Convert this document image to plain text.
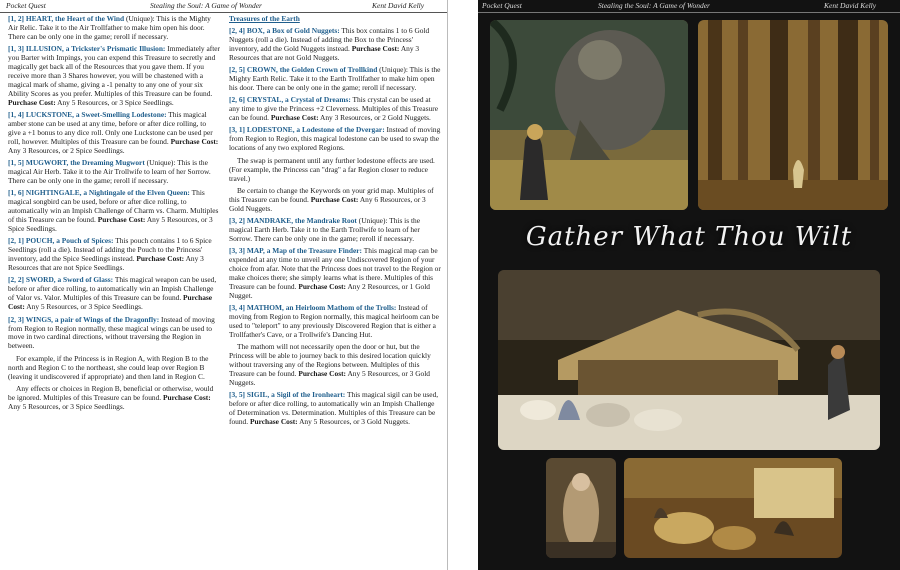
Pocket Quest	Stealing the Soul: A Game of Wonder	Kent David Kelly

[1, 2] HEART, the Heart of the Wind (Unique): This is the Mighty Air Relic. Take it to the Air Trollfather to make him open his door. There can be only one in the game; reroll if necessary.

[1, 3] ILLUSION, a Trickster's Prismatic Illusion: Immediately after you Barter with Impings, you can expend this Treasure to secretly and magically get back all of the Resources that you gave them. If you receive more than 3 Shares however, you will be chastened with a magical mark of shame, giving a -1 penalty to any one of your six Ability Scores as you prefer. Multiples of this Treasure can be found. Purchase Cost: Any 5 Resources, or 3 Spice Seedlings.

[1, 4] LUCKSTONE, a Sweet-Smelling Lodestone: This magical amber stone can be used at any time, before or after dice rolling, to give a +1 bonus to any dice roll. Only one Luckstone can be used per roll, however. Multiples of this Treasure can be found. Purchase Cost: Any 3 Resources, or 2 Spice Seedlings.

[1, 5] MUGWORT, the Dreaming Mugwort (Unique): This is the magical Air Herb. Take it to the Air Trollwife to learn of her Sorrow. There can be only one in the game; reroll if necessary.

[1, 6] NIGHTINGALE, a Nightingale of the Elven Queen: This magical songbird can be used, before or after dice rolling, to automatically win an Impish Challenge of Charm vs. Charm. Multiples of this Treasure can be found. Purchase Cost: Any 5 Resources, or 3 Spice Seedlings.

[2, 1] POUCH, a Pouch of Spices: This pouch contains 1 to 6 Spice Seedlings (roll a die). Instead of adding the Pouch to the Princess' inventory, add the Spice Seedlings instead. Purchase Cost: Any 3 Resources that are not Spice Seedlings.

[2, 2] SWORD, a Sword of Glass: This magical weapon can be used, before or after dice rolling, to automatically win an Impish Challenge of Valor vs. Valor. Multiples of this Treasure can be found. Purchase Cost: Any 5 Resources, or 3 Spice Seedlings.

[2, 3] WINGS, a pair of Wings of the Dragonfly: Instead of moving from Region to Region normally, these magical wings can be used to move in two cardinal directions, without traversing the Region in between.

For example, if the Princess is in Region A, with Region B to the north and Region C to the northeast, she could leap over Region B (leaving it undiscovered if appropriate) and then land in Region C.

Any effects or choices in Region B, beneficial or otherwise, would be ignored. Multiples of this Treasure can be found. Purchase Cost: Any 5 Resources, or 3 Spice Seedlings.

Treasures of the Earth

[2, 4] BOX, a Box of Gold Nuggets: This box contains 1 to 6 Gold Nuggets (roll a die). Instead of adding the Box to the Princess' inventory, add the Gold Nuggets instead. Purchase Cost: Any 3 Resources that are not Gold Nuggets.

[2, 5] CROWN, the Golden Crown of Trollkind (Unique): This is the Mighty Earth Relic. Take it to the Earth Trollfather to make him open his door. There can be only one in the game; reroll if necessary.

[2, 6] CRYSTAL, a Crystal of Dreams: This crystal can be used at any time to give the Princess +2 Cleverness. Multiples of this Treasure can be found. Purchase Cost: Any 3 Resources, or 2 Gold Nuggets.

[3, 1] LODESTONE, a Lodestone of the Dvergar: Instead of moving from Region to Region, this magical lodestone can be used to swap the locations of any two explored Regions.

The swap is permanent until any further lodestone effects are used. (For example, the Princess can "drag" a far Region closer to reduce travel.)

Be certain to change the Keywords on your grid map. Multiples of this Treasure can be found. Purchase Cost: Any 6 Resources, or 3 Gold Nuggets.

[3, 2] MANDRAKE, the Mandrake Root (Unique): This is the magical Earth Herb. Take it to the Earth Trollwife to learn of her Sorrow. There can be only one in the game; reroll if necessary.

[3, 3] MAP, a Map of the Treasure Finder: This magical map can be expended at any time to unveil any one Undiscovered Region of your choice from afar. Note that the Princess does not travel to the Region or make choices there; she simply learns what is there. Multiples of this Treasure can be found. Purchase Cost: Any 2 Resources, or 1 Gold Nugget.

[3, 4] MATHOM, an Heirloom Mathom of the Trolls: Instead of moving from Region to Region normally, this magical heirloom can be used to "teleport" to any previously Discovered Region that is either a Trollfather's Cave, or a Trollwife's Dancing Hut.

The mathom will not necessarily open the door or hut, but the Princess will be able to journey back to this desired location quickly without traversing any of the Regions between. Multiples of this Treasure can be found. Purchase Cost: Any 5 Resources, or 3 Gold Nuggets.

[3, 5] SIGIL, a Sigil of the Ironheart: This magical sigil can be used, before or after dice rolling, to automatically win an Impish Challenge of Determination vs. Determination. Multiples of this Treasure can be found. Purchase Cost: Any 5 Resources, or 3 Gold Nuggets.

Pocket Quest	Stealing the Soul: A Game of Wonder	Kent David Kelly
Gather What Thou Wilt
